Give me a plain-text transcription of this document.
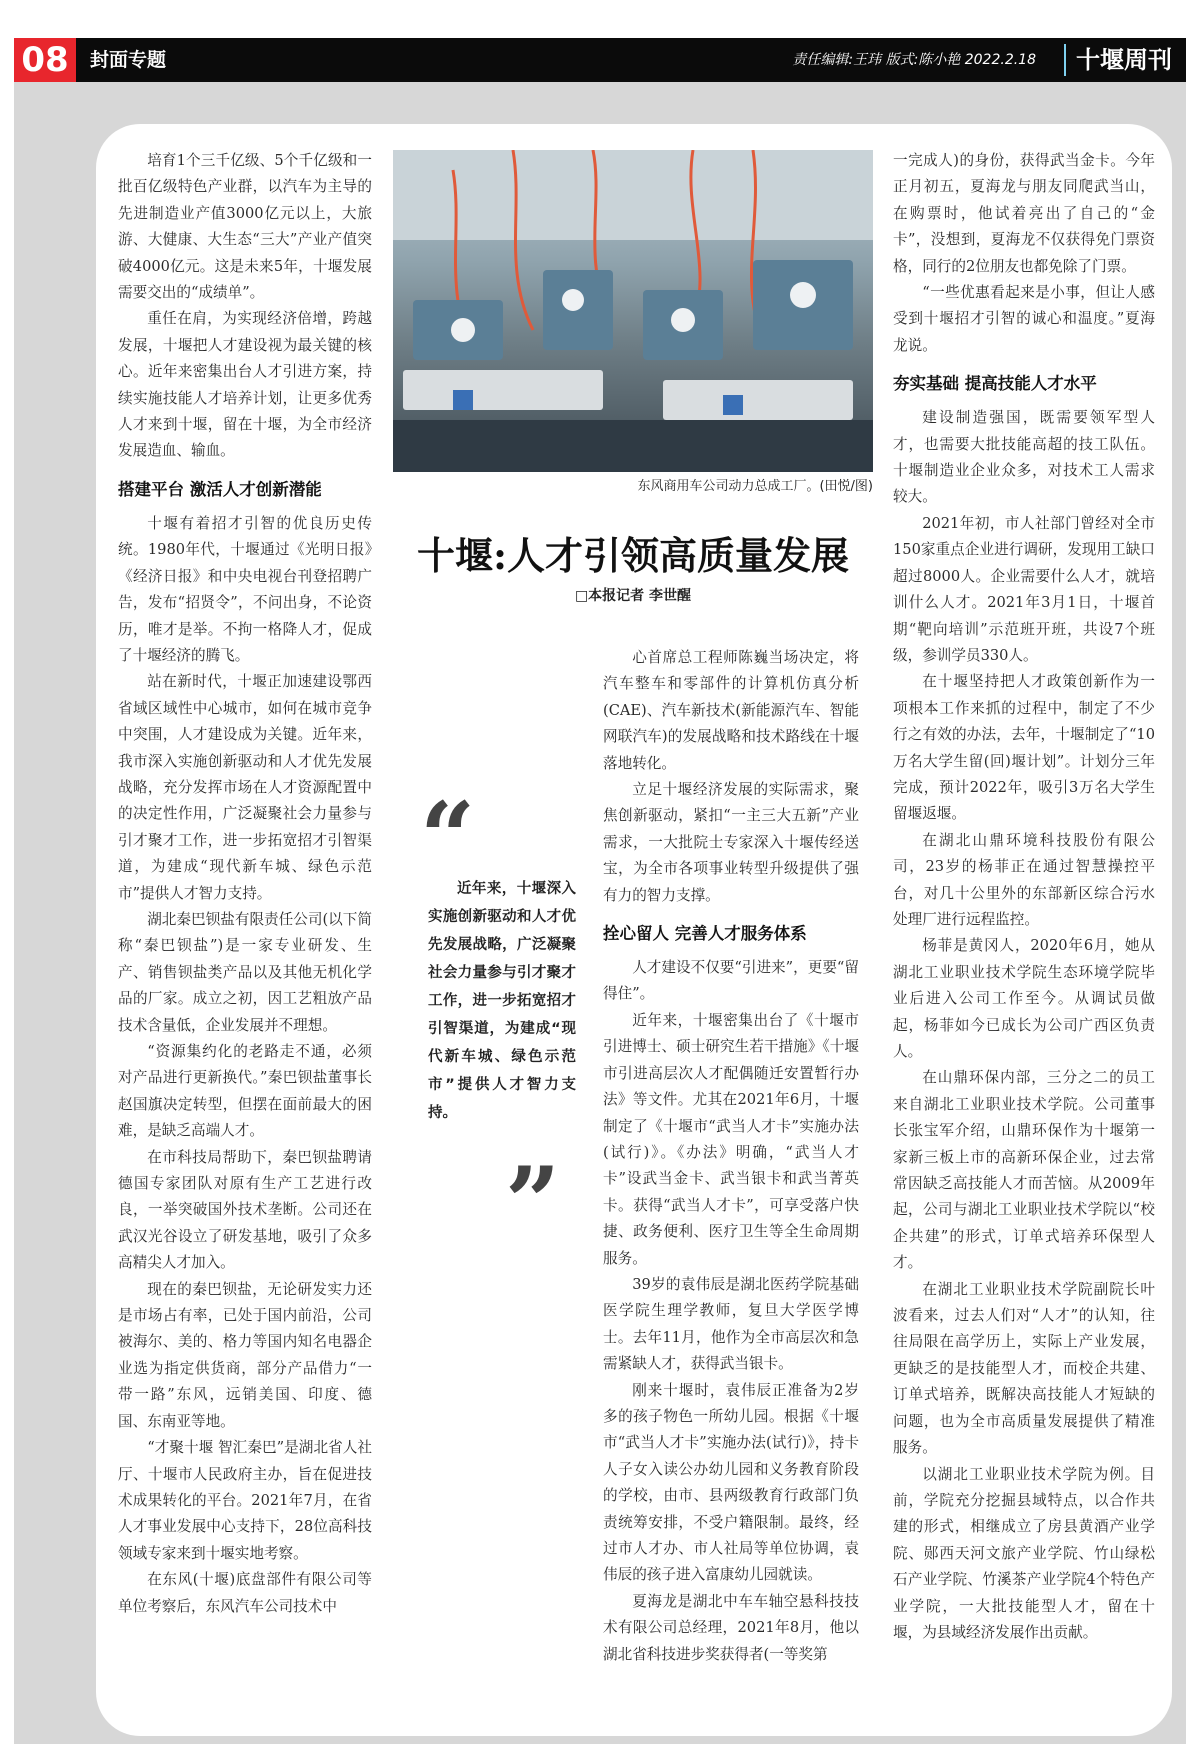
08	封面专题	责任编辑:王玮 版式:陈小艳 2022.2.18	十堰周刊
东风商用车公司动力总成工厂。(田悦/图)
十堰:人才引领高质量发展
□本报记者 李世醒
“
近年来，十堰深入实施创新驱动和人才优先发展战略，广泛凝聚社会力量参与引才聚才工作，进一步拓宽招才引智渠道，为建成“现代新车城、绿色示范市”提供人才智力支持。
”

培育1个三千亿级、5个千亿级和一批百亿级特色产业群，以汽车为主导的先进制造业产值3000亿元以上，大旅游、大健康、大生态“三大”产业产值突破4000亿元。这是未来5年，十堰发展需要交出的“成绩单”。

重任在肩，为实现经济倍增，跨越发展，十堰把人才建设视为最关键的核心。近年来密集出台人才引进方案，持续实施技能人才培养计划，让更多优秀人才来到十堰，留在十堰，为全市经济发展造血、输血。

搭建平台 激活人才创新潜能

十堰有着招才引智的优良历史传统。1980年代，十堰通过《光明日报》《经济日报》和中央电视台刊登招聘广告，发布“招贤令”，不问出身，不论资历，唯才是举。不拘一格降人才，促成了十堰经济的腾飞。

站在新时代，十堰正加速建设鄂西省域区域性中心城市，如何在城市竞争中突围，人才建设成为关键。近年来，我市深入实施创新驱动和人才优先发展战略，充分发挥市场在人才资源配置中的决定性作用，广泛凝聚社会力量参与引才聚才工作，进一步拓宽招才引智渠道，为建成“现代新车城、绿色示范市”提供人才智力支持。

湖北秦巴钡盐有限责任公司(以下简称“秦巴钡盐”)是一家专业研发、生产、销售钡盐类产品以及其他无机化学品的厂家。成立之初，因工艺粗放产品技术含量低，企业发展并不理想。

“资源集约化的老路走不通，必须对产品进行更新换代。”秦巴钡盐董事长赵国旗决定转型，但摆在面前最大的困难，是缺乏高端人才。

在市科技局帮助下，秦巴钡盐聘请德国专家团队对原有生产工艺进行改良，一举突破国外技术垄断。公司还在武汉光谷设立了研发基地，吸引了众多高精尖人才加入。

现在的秦巴钡盐，无论研发实力还是市场占有率，已处于国内前沿，公司被海尔、美的、格力等国内知名电器企业选为指定供货商，部分产品借力“一带一路”东风，远销美国、印度、德国、东南亚等地。

“才聚十堰 智汇秦巴”是湖北省人社厅、十堰市人民政府主办，旨在促进技术成果转化的平台。2021年7月，在省人才事业发展中心支持下，28位高科技领域专家来到十堰实地考察。

在东风(十堰)底盘部件有限公司等单位考察后，东风汽车公司技术中

心首席总工程师陈巍当场决定，将汽车整车和零部件的计算机仿真分析(CAE)、汽车新技术(新能源汽车、智能网联汽车)的发展战略和技术路线在十堰落地转化。

立足十堰经济发展的实际需求，聚焦创新驱动，紧扣“一主三大五新”产业需求，一大批院士专家深入十堰传经送宝，为全市各项事业转型升级提供了强有力的智力支撑。

拴心留人 完善人才服务体系

人才建设不仅要“引进来”，更要“留得住”。

近年来，十堰密集出台了《十堰市引进博士、硕士研究生若干措施》《十堰市引进高层次人才配偶随迁安置暂行办法》等文件。尤其在2021年6月，十堰制定了《十堰市“武当人才卡”实施办法(试行)》。《办法》明确，“武当人才卡”设武当金卡、武当银卡和武当菁英卡。获得“武当人才卡”，可享受落户快捷、政务便利、医疗卫生等全生命周期服务。

39岁的袁伟辰是湖北医药学院基础医学院生理学教师，复旦大学医学博士。去年11月，他作为全市高层次和急需紧缺人才，获得武当银卡。

刚来十堰时，袁伟辰正准备为2岁多的孩子物色一所幼儿园。根据《十堰市“武当人才卡”实施办法(试行)》，持卡人子女入读公办幼儿园和义务教育阶段的学校，由市、县两级教育行政部门负责统筹安排，不受户籍限制。最终，经过市人才办、市人社局等单位协调，袁伟辰的孩子进入富康幼儿园就读。

夏海龙是湖北中车车轴空悬科技技术有限公司总经理，2021年8月，他以湖北省科技进步奖获得者(一等奖第

一完成人)的身份，获得武当金卡。今年正月初五，夏海龙与朋友同爬武当山，在购票时，他试着亮出了自己的“金卡”，没想到，夏海龙不仅获得免门票资格，同行的2位朋友也都免除了门票。

“一些优惠看起来是小事，但让人感受到十堰招才引智的诚心和温度。”夏海龙说。

夯实基础 提高技能人才水平

建设制造强国，既需要领军型人才，也需要大批技能高超的技工队伍。十堰制造业企业众多，对技术工人需求较大。

2021年初，市人社部门曾经对全市150家重点企业进行调研，发现用工缺口超过8000人。企业需要什么人才，就培训什么人才。2021年3月1日，十堰首期“靶向培训”示范班开班，共设7个班级，参训学员330人。

在十堰坚持把人才政策创新作为一项根本工作来抓的过程中，制定了不少行之有效的办法，去年，十堰制定了“10万名大学生留(回)堰计划”。计划分三年完成，预计2022年，吸引3万名大学生留堰返堰。

在湖北山鼎环境科技股份有限公司，23岁的杨菲正在通过智慧操控平台，对几十公里外的东部新区综合污水处理厂进行远程监控。

杨菲是黄冈人，2020年6月，她从湖北工业职业技术学院生态环境学院毕业后进入公司工作至今。从调试员做起，杨菲如今已成长为公司广西区负责人。

在山鼎环保内部，三分之二的员工来自湖北工业职业技术学院。公司董事长张宝军介绍，山鼎环保作为十堰第一家新三板上市的高新环保企业，过去常常因缺乏高技能人才而苦恼。从2009年起，公司与湖北工业职业技术学院以“校企共建”的形式，订单式培养环保型人才。

在湖北工业职业技术学院副院长叶波看来，过去人们对“人才”的认知，往往局限在高学历上，实际上产业发展，更缺乏的是技能型人才，而校企共建、订单式培养，既解决高技能人才短缺的问题，也为全市高质量发展提供了精准服务。

以湖北工业职业技术学院为例。目前，学院充分挖掘县域特点，以合作共建的形式，相继成立了房县黄酒产业学院、郧西天河文旅产业学院、竹山绿松石产业学院、竹溪茶产业学院4个特色产业学院，一大批技能型人才，留在十堰，为县域经济发展作出贡献。
